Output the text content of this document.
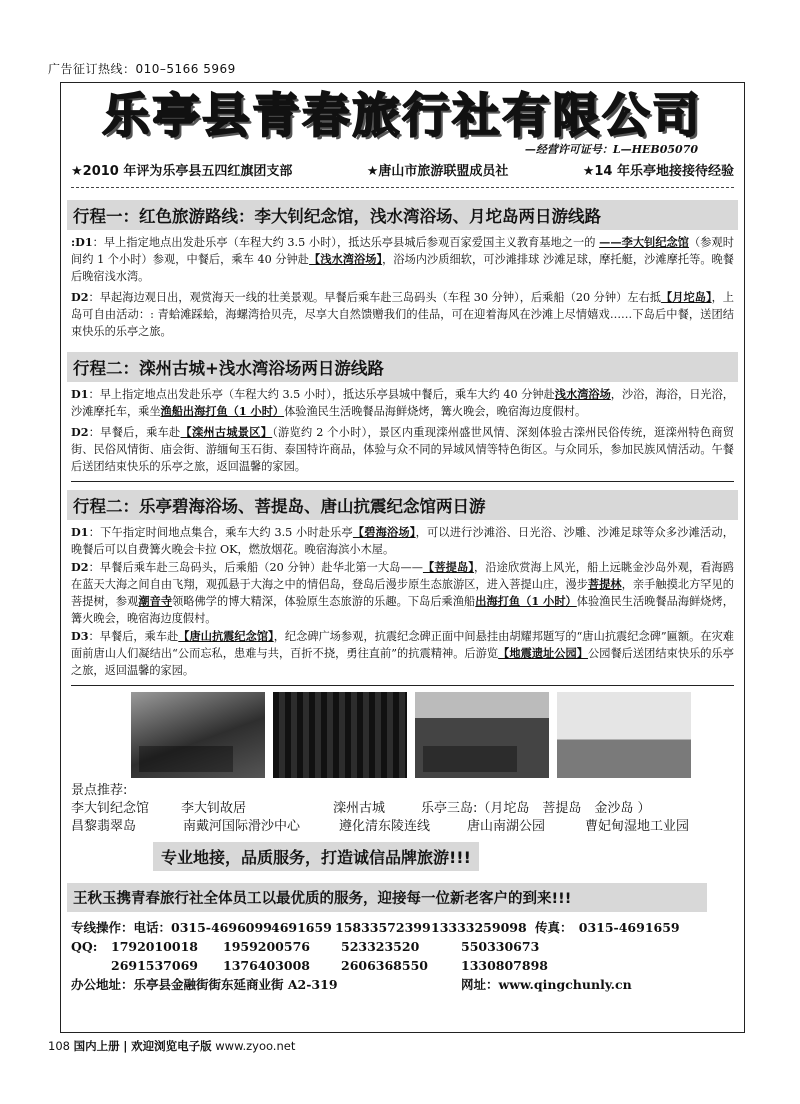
广告征订热线：010–5166 5969
乐亭县青春旅行社有限公司
—经营许可证号：L—HEB05070
★2010 年评为乐亭县五四红旗团支部	★唐山市旅游联盟成员社	★14 年乐亭地接接待经验
行程一：红色旅游路线：李大钊纪念馆，浅水湾浴场、月坨岛两日游线路

:D1：早上指定地点出发赴乐亭（车程大约 3.5 小时），抵达乐亭县城后参观百家爱国主义教育基地之一的 ——李大钊纪念馆（参观时间约 1 个小时）参观，中餐后，乘车 40 分钟赴【浅水湾浴场】，浴场内沙质细软，可沙滩排球 沙滩足球，摩托艇，沙滩摩托等。晚餐后晚宿浅水湾。

D2：早起海边观日出，观赏海天一线的壮美景观。早餐后乘车赴三岛码头（车程 30 分钟），后乘船（20 分钟）左右抵【月坨岛】，上岛可自由活动：: 青蛤滩踩蛤，海螺湾拾贝壳，尽享大自然馈赠我们的佳品，可在迎着海风在沙滩上尽情嬉戏……下岛后中餐，送团结束快乐的乐亭之旅。

行程二：滦州古城+浅水湾浴场两日游线路

D1：早上指定地点出发赴乐亭（车程大约 3.5 小时），抵达乐亭县城中餐后，乘车大约 40 分钟赴浅水湾浴场，沙浴，海浴，日光浴，沙滩摩托车，乘坐渔船出海打鱼（1 小时）体验渔民生活晚餐品海鲜烧烤，篝火晚会，晚宿海边度假村。

D2：早餐后，乘车赴【滦州古城景区】（游览约 2 个小时），景区内重现滦州盛世风情、深刻体验古滦州民俗传统，逛滦州特色商贸街、民俗风情街、庙会街、游缅甸玉石街、泰国特许商品，体验与众不同的异域风情等特色街区。与众同乐，参加民族风情活动。午餐后送团结束快乐的乐亭之旅，返回温馨的家园。

行程二：乐亭碧海浴场、菩提岛、唐山抗震纪念馆两日游

D1：下午指定时间地点集合，乘车大约 3.5 小时赴乐亭【碧海浴场】，可以进行沙滩浴、日光浴、沙雕、沙滩足球等众多沙滩活动，晚餐后可以自费篝火晚会卡拉 OK，燃放烟花。晚宿海滨小木屋。

D2：早餐后乘车赴三岛码头，后乘船（20 分钟）赴华北第一大岛——【菩提岛】，沿途欣赏海上风光，船上远眺金沙岛外观，看海鸥在蓝天大海之间自由飞翔，观孤悬于大海之中的情侣岛，登岛后漫步原生态旅游区，进入菩提山庄，漫步菩提林，亲手触摸北方罕见的菩提树，参观潮音寺领略佛学的博大精深，体验原生态旅游的乐趣。下岛后乘渔船出海打鱼（1 小时）体验渔民生活晚餐品海鲜烧烤，篝火晚会，晚宿海边度假村。

D3：早餐后，乘车赴【唐山抗震纪念馆】，纪念碑广场参观，抗震纪念碑正面中间悬挂由胡耀邦题写的“唐山抗震纪念碑”匾额。在灾难面前唐山人们凝结出“公而忘私，患难与共，百折不挠，勇往直前”的抗震精神。后游览【地震遗址公园】公园餐后送团结束快乐的乐亭之旅，返回温馨的家园。

景点推荐:
李大钊纪念馆	李大钊故居	滦州古城	乐亭三岛:（月坨岛　菩提岛　金沙岛 ）
昌黎翡翠岛	南戴河国际滑沙中心	遵化清东陵连线	唐山南湖公园	曹妃甸湿地工业园
专业地接，品质服务，打造诚信品牌旅游!!!
王秋玉携青春旅行社全体员工以最优质的服务，迎接每一位新老客户的到来!!!
专线操作：电话：0315-4696099 4691659 15833572399 13333259098 传真：　0315-4691659
QQ:	1792010018	1959200576	523323520	550330673
2691537069	1376403008	2606368550	1330807898
办公地址：乐亭县金融街街东延商业街 A2-319	网址：www.qingchunly.cn
108 国内上册 | 欢迎浏览电子版 www.zyoo.net
